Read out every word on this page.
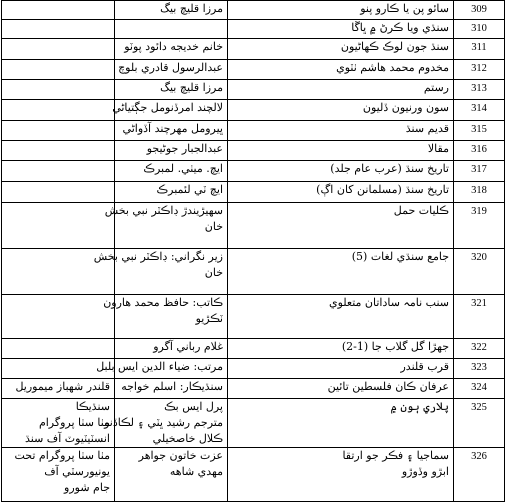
	مرزا قليچ بيگ	سائو پن يا ڪارو پنو	309

		سنڌي ويا ڪرڻ ۾ ڀاڱا	310

	خانم خديجه دائود پوٽو	سنڌ جون لوڪ ڪهاڻيون	311

	عبدالرسول قادري بلوچ	مخدوم محمد هاشم ٺٽوي	312

	مرزا قليچ بيگ	رستم	313

	لالچند امرڏنومل جڳتياڻي	سون ورنيون ڏليون	314

	ڀيرومل مهرچند آڏواڻي	قديم سنڌ	315

	عبدالجبار جوڻيجو	مقالا	316

	ايچ. ميٺي. لمبرڪ	تاريخ سنڌ (عرب عام جلد)	317

	ايچ ٽي لئمبرڪ	تاريخ سنڌ (مسلمانن کان اڳ)	318

	سهيڙيندڙ ڊاڪٽر نبي بخش
خان	ڪليات حمل	319

	زير نگراني: ڊاڪٽر نبي بخش
خان	جامع سنڌي لغات (5)	320

	ڪاتب: حافظ محمد هارون
ٽڪڙيو	سنب نامہ ساداتان متعلوي	321

	غلام رباني آگرو	جهڙا گل گلاب جا (1-2)	322

	مرتب: ضياء الدين ايس بلبل	قرب قلندر	323

قلندر شهباز ميموريل	سنڌيڪار: اسلم خواجه	عرفان ڪان فلسطين تائين	324

سنڌيڪا
مٺا سٺا پروگرام
انسٽيٽيوٽ آف سنڌ	پرل ايس بڪ
مترجم رشيد ڀٽي ۽ لڪاڏنو
ڪلال خاصخيلي	پلاري ٻون ۾	325

مٺا سٺا پروگرام تحت
يونيورسٽي آف
جام شورو	عزت خاتون جواهر
مهدي شاهه	سماجيا ۽ فڪر جو ارتقا
ابڙو وڏوڙو	326
